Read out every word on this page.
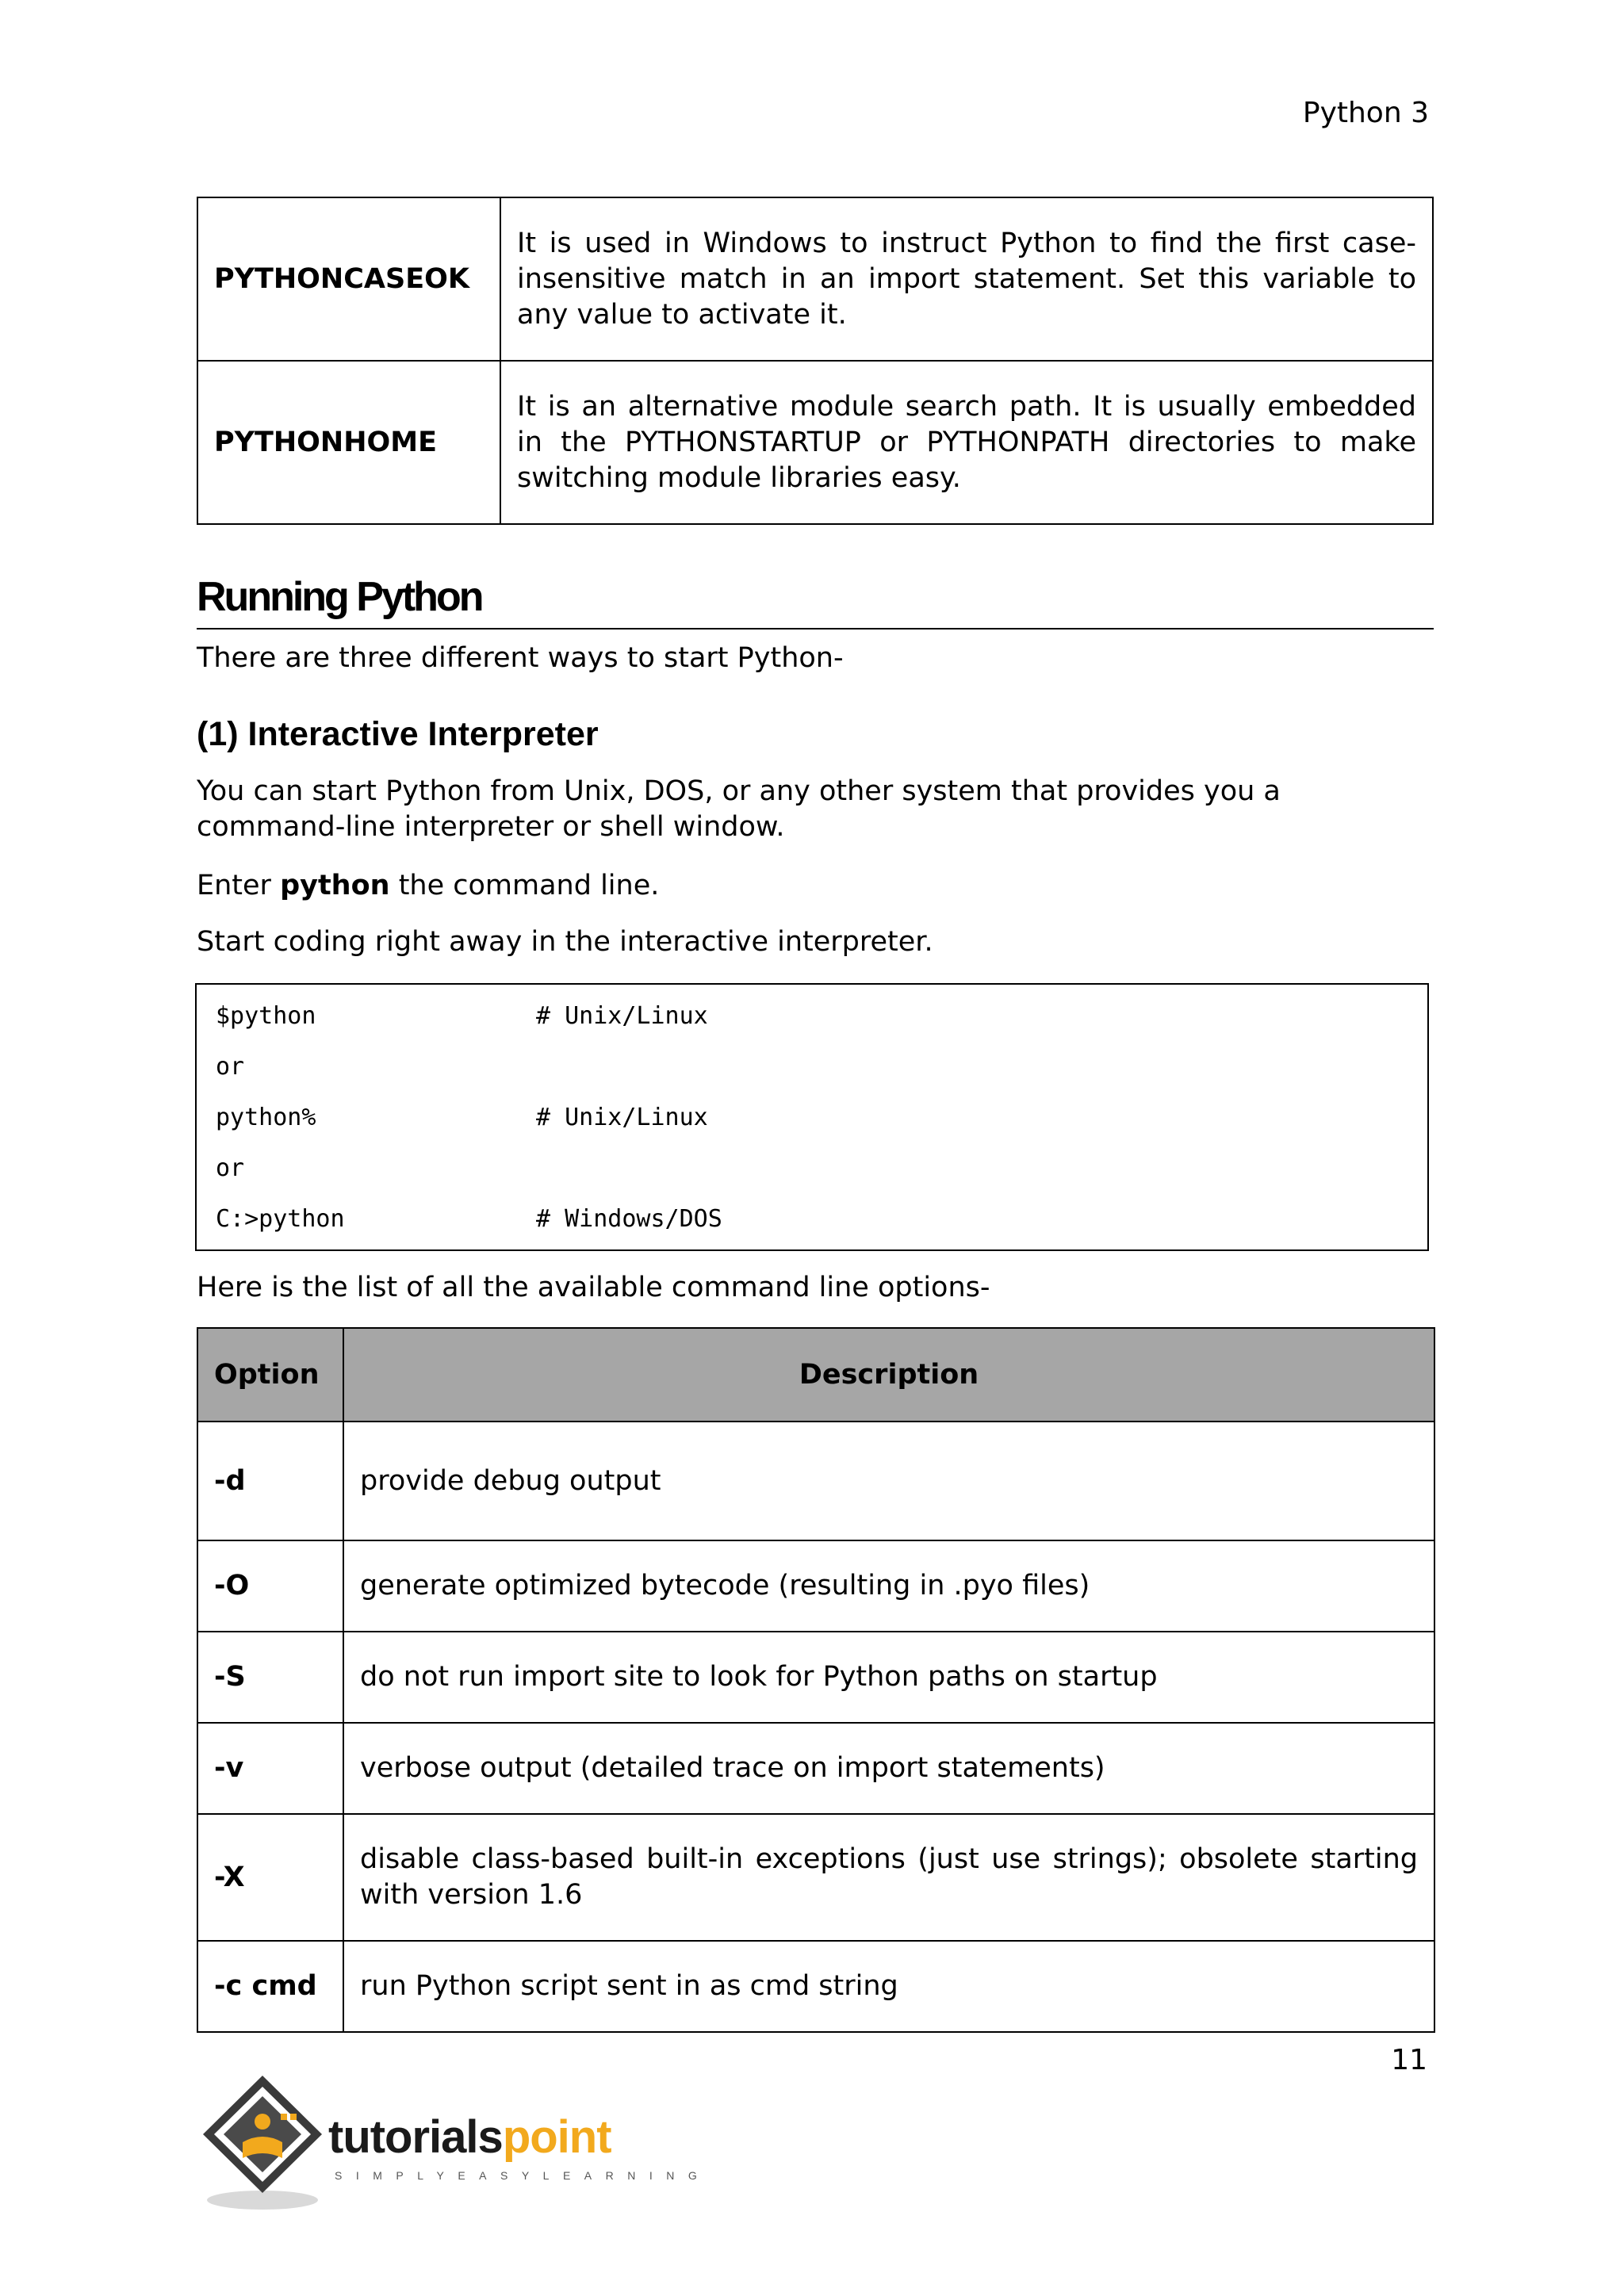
Python 3
PYTHONCASEOK	It is used in Windows to instruct Python to find the first case-insensitive match in an import statement. Set this variable to any value to activate it.
PYTHONHOME	It is an alternative module search path. It is usually embedded in the PYTHONSTARTUP or PYTHONPATH directories to make switching module libraries easy.
Running Python
There are three different ways to start Python-
(1) Interactive Interpreter
You can start Python from Unix, DOS, or any other system that provides you a command-line interpreter or shell window.
Enter python the command line.
Start coding right away in the interactive interpreter.
$python	# Unix/Linux
or
python%	# Unix/Linux
or
C:>python	# Windows/DOS
Here is the list of all the available command line options-
Option	Description
-d	provide debug output
-O	generate optimized bytecode (resulting in .pyo files)
-S	do not run import site to look for Python paths on startup
-v	verbose output (detailed trace on import statements)
-X	disable class-based built-in exceptions (just use strings); obsolete starting with version 1.6
-c cmd	run Python script sent in as cmd string
11
tutorialspoint
SIMPLYEASYLEARNING
